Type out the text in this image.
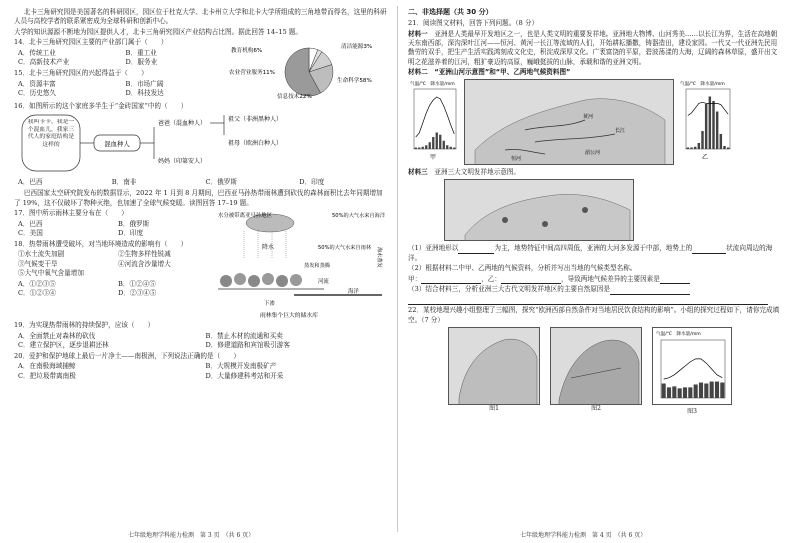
北卡三角研究园是美国著名的科研园区，园区位于杜克大学、北卡州立大学和北卡大学所组成的三角地带而得名，这里的科研人员与高校学者的联系紧密成为全球科研和创新中心。

大学的知识源源不断地为园区提供人才，北卡三角研究园区产业结构占比图。据此回答 14–15 题。

14．北卡三角研究园区主要的产业部门属于（　　）

A．传统工业	B．重工业
C．高新技术产业	D．服务业

15．北卡三角研究园区的兴起得益于（　　）

A．资源丰富	B．市场广阔
C．历史悠久	D．科技发达
教育机构6%
清洁能源3%
农业营业服务11%
信息技术22%
生命科学58%

16．如图所示的这个家庭多半生于“金砖国家”中的（　　）

我叫卡卡，我是一个混血儿，我家三代人的家庭结构是这样的	混血种人
爸爸（混血种人）
妈妈（印第安人）
祖父（非洲黑种人）
祖母（欧洲白种人）
A．巴西	B．南非	C．俄罗斯	D．印度

巴西国家太空研究院发布的数据显示，2022 年 1 月到 8 月期间，巴西亚马孙热带雨林遭到砍伐的森林面积比去年同期增加了 19%，这不仅破坏了物种灭绝，也加速了全球气候变暖。读图回答 17–19 题。

17．图中所示雨林主要分布在（　　）

A．巴西	B．俄罗斯
C．美国	D．印度

18．热带雨林遭受破坏，对当地环境造成的影响有（　　）

①水土流失加剧	②生物多样性锐减
③气候变干旱	④河流含沙量增大
⑤大气中氧气含量增加
A．①②③⑤	B．①②④⑤
C．①②③④	D．②③④⑤
水分被带离亚马孙地区
降水
50%的大气水来自海洋
50%的大气水来自雨林 海水蒸发
蒸发和蒸腾
河流
下渗
海洋
雨林集个巨大的储水库

19．为实现热带雨林的持续保护，应该（　　）

A．全面禁止对森林的砍伐	B．禁止木材的流通和买卖
C．建立保护区，逐步退耕还林	D．修建道路和宾馆吸引游客

20．爱护和保护地球上最后一片净土——南极洲，下列说法正确的是（　　）

A．在南极海域捕鲸	B．大规模开发南极矿产
C．把垃圾带离南极	D．大量修建科考站和开采
七年级地理学科能力检测　第 3 页　（共 6 页）

二、非选择题（共 30 分）

21．阅读图文材料，回答下列问题。（8 分）

材料一　 亚洲是人类最早开发地区之一，也是人类文明的重要发祥地。亚洲地大物博、山河秀美……以长江为界，生活在高地朝天东南西部，深沟深叶江河——恒河、黄河一长江等流域的人们，开始耕耘播撒，铸器造田，建设家园。一代又一代亚洲先民用勤劳的双手，把生产生活实践鸿刻成文化史，积淀成深厚文化。广袤富饶的平原，碧波荡漾的大海，辽阔的森林草原，盛开出文明之花滋养着的江河，粗犷豪迈的高原，巍峨挺拔的山脉，承载和谐的亚洲文明。

材料二　 “亚洲山河示意图”和“甲、乙两地气候资料图”

气温/℃　降水量/mm
甲
黄河
长江
恒河
湄公河
气温/℃　降水量/mm
乙

材料三　 亚洲三大文明发祥地示意图。

（1）亚洲地形以	为主，地势特征中间高四周低，亚洲的大河多发源于中部，地势上的	状流向周边的海洋。

（2）根据材料二中甲、乙两地的气候资料，分析并写出当地的气候类型名称。

甲：	，乙：	，导致两地气候差异的主要因素是

（3）结合材料三，分析亚洲三大古代文明发祥地区的主要自然原因是

22．某校地理兴趣小组整理了三幅图，探究“欧洲西部自然条件对当地居民饮食结构的影响”。小组的探究过程如下，请你完成填空。（7 分）

图1	图2
气温/℃　降水量/mm
图3
七年级地理学科能力检测　第 4 页　（共 6 页）
